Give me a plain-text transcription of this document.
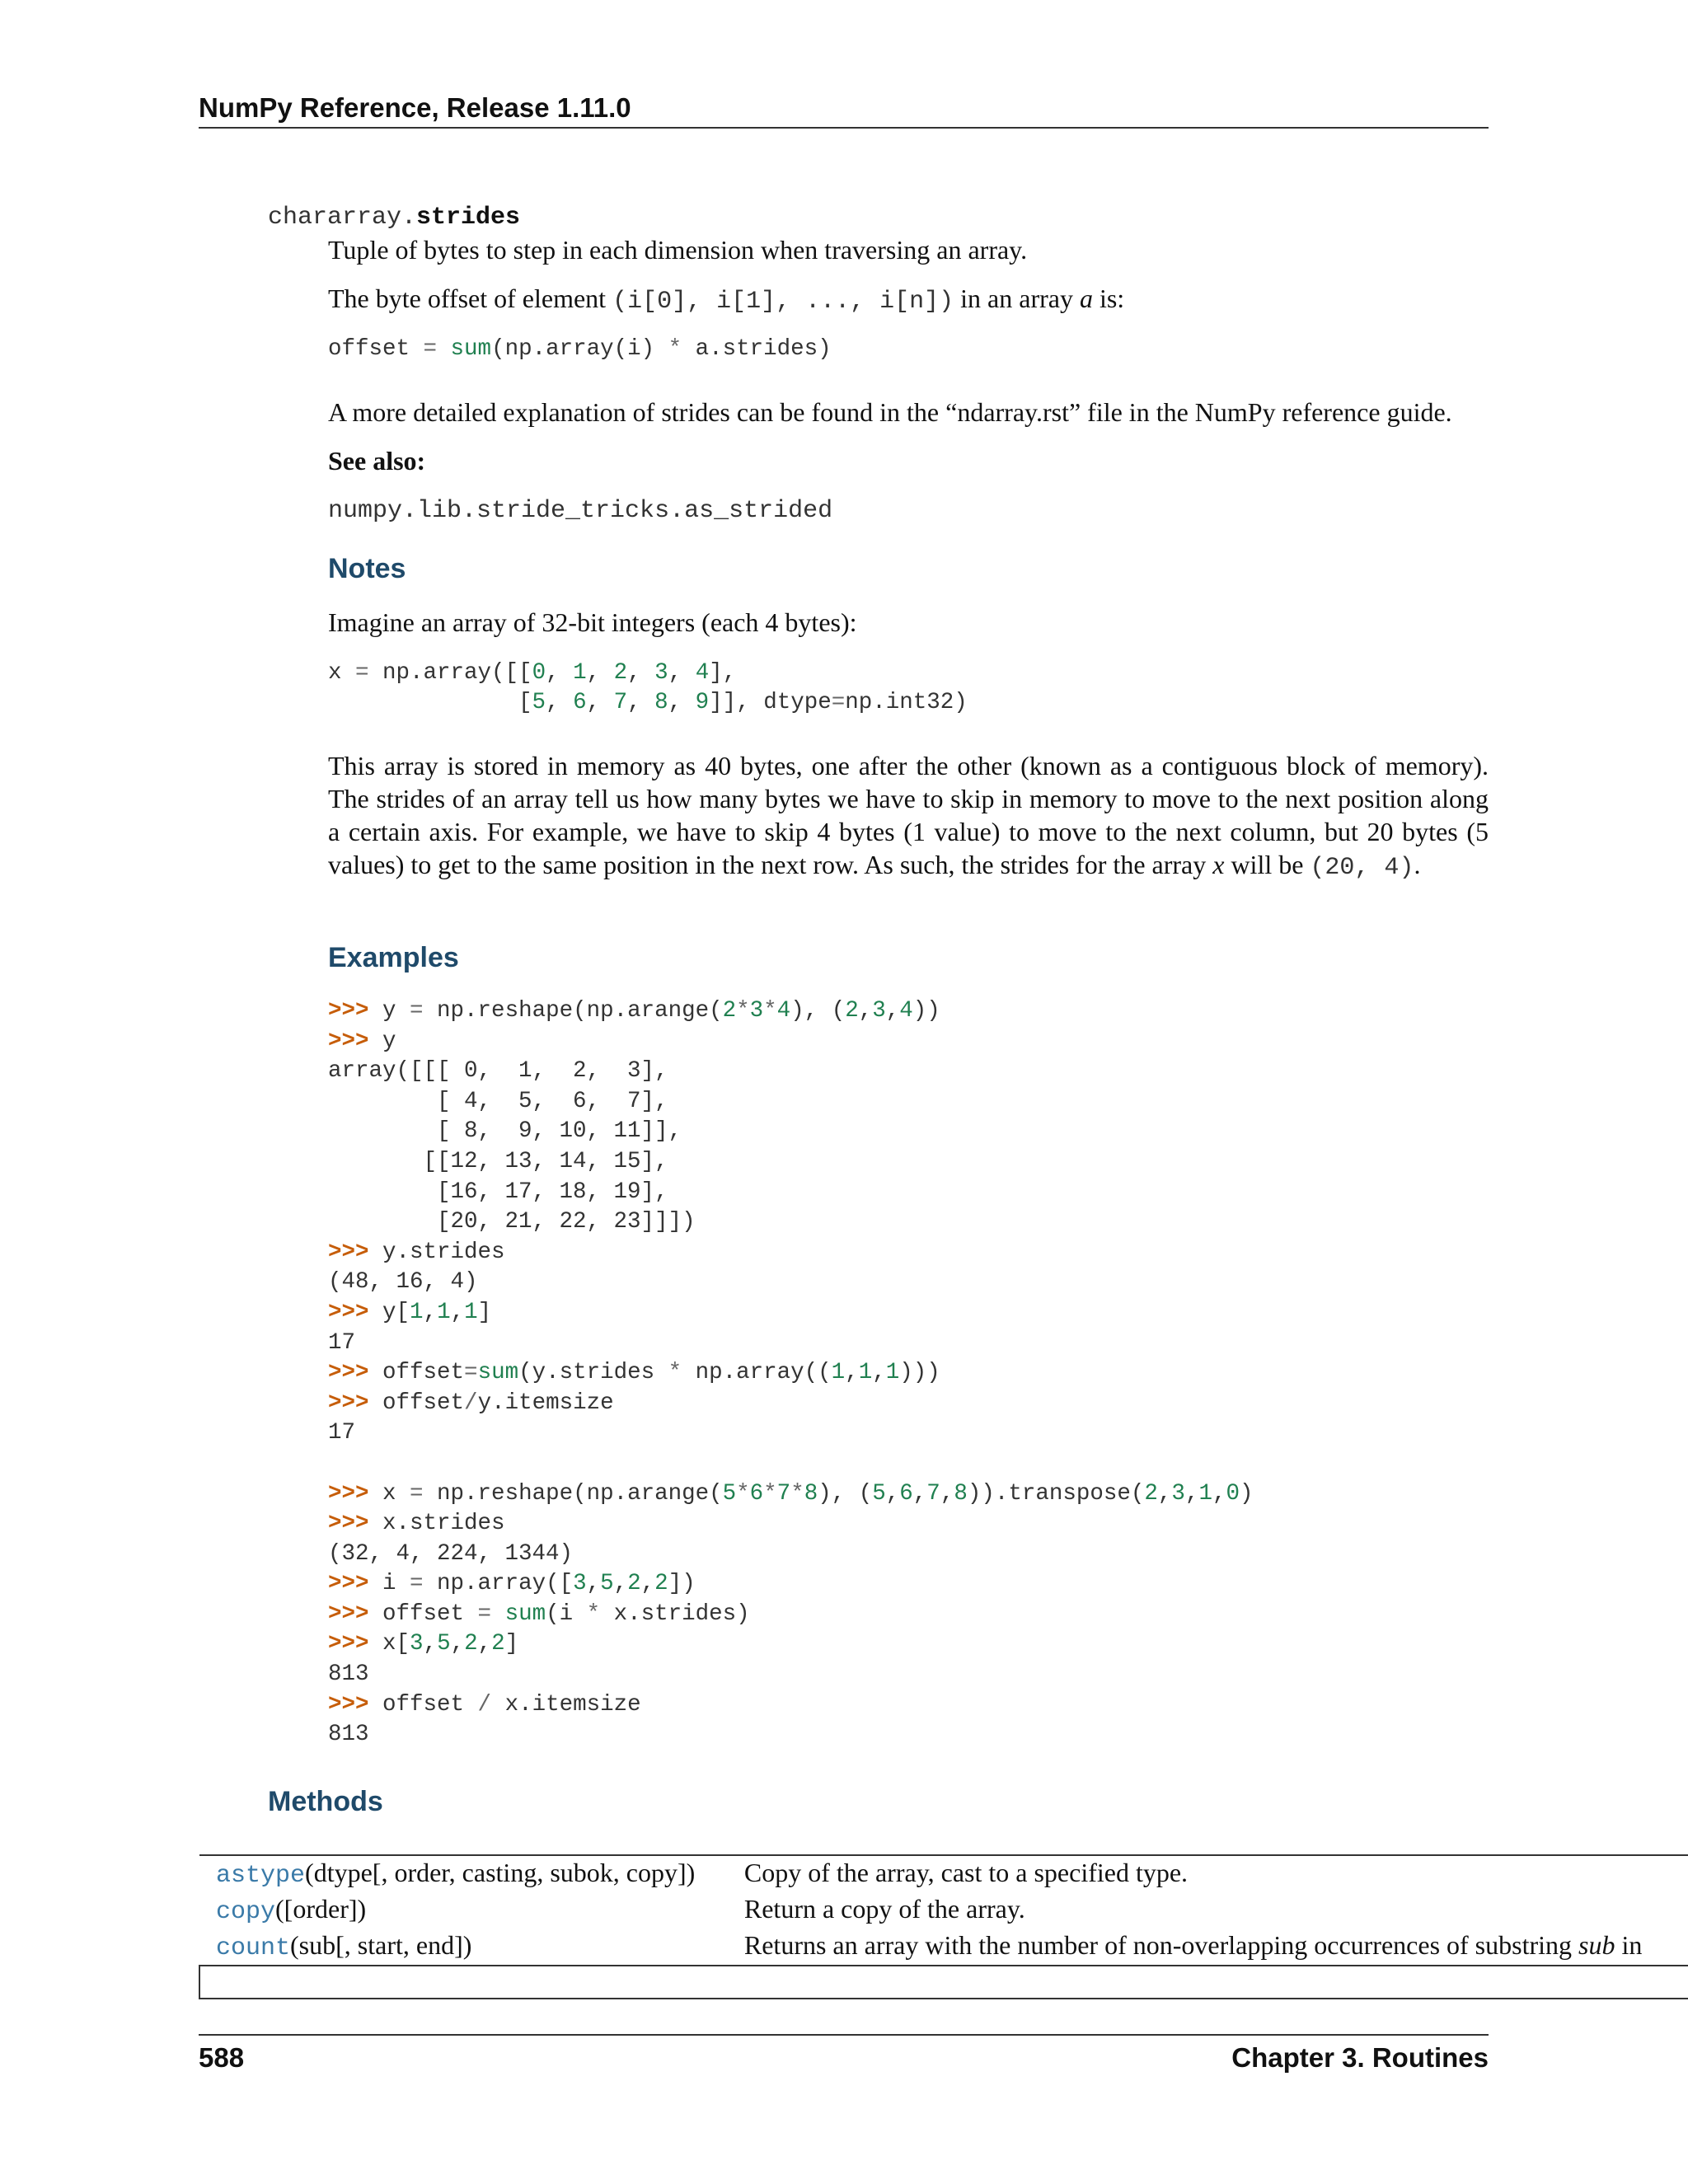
NumPy Reference, Release 1.11.0
chararray.strides
Tuple of bytes to step in each dimension when traversing an array.
The byte offset of element (i[0], i[1], ..., i[n]) in an array a is:
offset = sum(np.array(i) * a.strides)
A more detailed explanation of strides can be found in the “ndarray.rst” file in the NumPy reference guide.
See also:
numpy.lib.stride_tricks.as_strided
Notes
Imagine an array of 32-bit integers (each 4 bytes):
x = np.array([[0, 1, 2, 3, 4],
[5, 6, 7, 8, 9]], dtype=np.int32)
This array is stored in memory as 40 bytes, one after the other (known as a contiguous block of memory). The strides of an array tell us how many bytes we have to skip in memory to move to the next position along a certain axis. For example, we have to skip 4 bytes (1 value) to move to the next column, but 20 bytes (5 values) to get to the same position in the next row. As such, the strides for the array x will be (20, 4).
Examples
>>> y = np.reshape(np.arange(2*3*4), (2,3,4))
>>> y
array([[[ 0,  1,  2,  3],
[ 4,  5,  6,  7],
[ 8,  9, 10, 11]],
[[12, 13, 14, 15],
[16, 17, 18, 19],
[20, 21, 22, 23]]])
>>> y.strides
(48, 16, 4)
>>> y[1,1,1]
17
>>> offset=sum(y.strides * np.array((1,1,1)))
>>> offset/y.itemsize
17

>>> x = np.reshape(np.arange(5*6*7*8), (5,6,7,8)).transpose(2,3,1,0)
>>> x.strides
(32, 4, 224, 1344)
>>> i = np.array([3,5,2,2])
>>> offset = sum(i * x.strides)
>>> x[3,5,2,2]
813
>>> offset / x.itemsize
813
Methods
astype(dtype[, order, casting, subok, copy])	Copy of the array, cast to a specified type.
copy([order])	Return a copy of the array.
count(sub[, start, end])	Returns an array with the number of non-overlapping occurrences of substring sub in

588	Chapter 3. Routines
